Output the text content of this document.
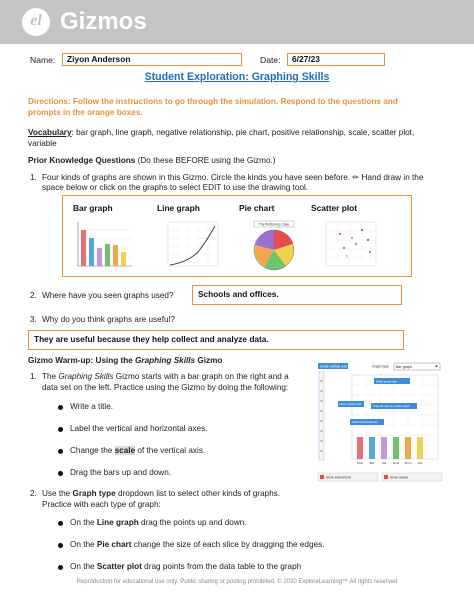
el Gizmos
Name:	Ziyon Anderson	Date:	6/27/23
Student Exploration: Graphing Skills
Directions: Follow the instructions to go through the simulation. Respond to the questions and
prompts in the orange boxes.
Vocabulary: bar graph, line graph, negative relationship, pie chart, positive relationship, scale, scatter plot,
variable
Prior Knowledge Questions (Do these BEFORE using the Gizmo.)
1. Four kinds of graphs are shown in this Gizmo. Circle the kinds you have seen before. ✏ Hand draw in the
space below or click on the graphs to select EDIT to use the drawing tool.
Bar graph	Line graph	Pie chart	Scatter plot
The Proficiency Cake
2. Where have you seen graphs used?	Schools and offices.
3. Why do you think graphs are useful?
They are useful because they help collect and analyze data.
Gizmo Warm-up: Using the Graphing Skills Gizmo
1. The Graphing Skills Gizmo starts with a bar graph on the right and a
data set on the left. Practice using the Gizmo by doing the following:
Write a title.
Label the vertical and horizontal axes.
Change the scale of the vertical axis.
Drag the bars up and down.
2. Use the Graph type dropdown list to select other kinds of graphs.
Practice with each type of graph:
On the Line graph drag the points up and down.
On the Pie chart change the size of each slice by dragging the edges.
On the Scatter plot drag points from the data table to the graph
Scale vertical axis	Graph type Bar graph
Write graph title
Label vertical axis	Drag the bars to create graph
Label horizontal axis
Chip Bar Hat Hmk Mnm Oat
Show instructions	Show values
Reproduction for educational use only. Public sharing or posting prohibited. © 2020 ExploreLearning™ All rights reserved
